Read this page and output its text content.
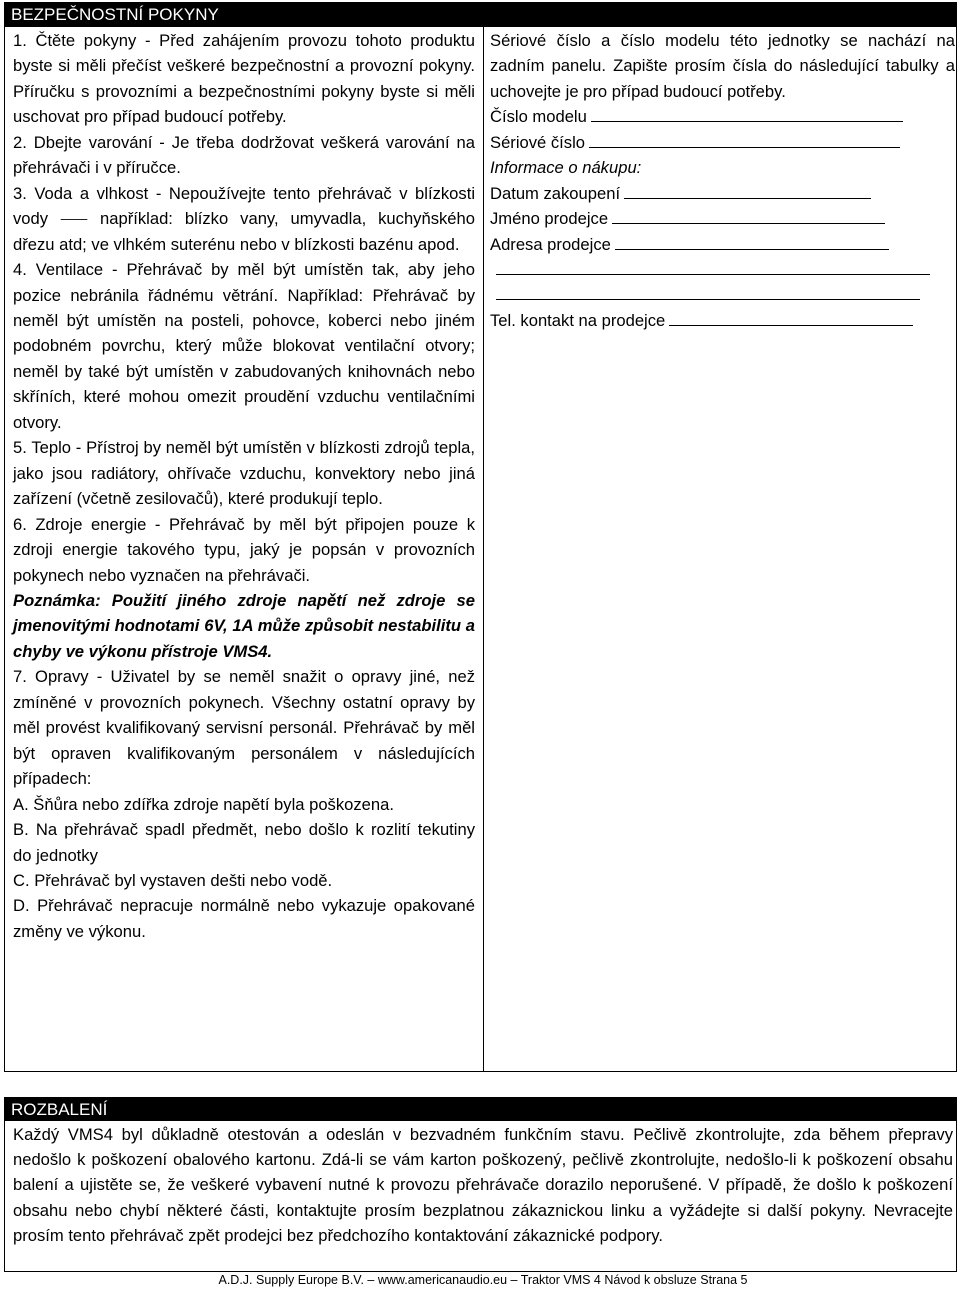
BEZPEČNOSTNÍ POKYNY

1. Čtěte pokyny - Před zahájením provozu tohoto produktu byste si měli přečíst veškeré bezpečnostní a provozní pokyny. Příručku s provozními a bezpečnostními pokyny byste si měli uschovat pro případ budoucí potřeby.

2. Dbejte varování - Je třeba dodržovat veškerá varování na přehrávači i v příručce.

3. Voda a vlhkost - Nepoužívejte tento přehrávač v blízkosti vody ⸺ například: blízko vany, umyvadla, kuchyňského dřezu atd; ve vlhkém suterénu nebo v blízkosti bazénu apod.

4. Ventilace - Přehrávač by měl být umístěn tak, aby jeho pozice nebránila řádnému větrání. Například: Přehrávač by neměl být umístěn na posteli, pohovce, koberci nebo jiném podobném povrchu, který může blokovat ventilační otvory; neměl by také být umístěn v zabudovaných knihovnách nebo skříních, které mohou omezit proudění vzduchu ventilačními otvory.

5. Teplo - Přístroj by neměl být umístěn v blízkosti zdrojů tepla, jako jsou radiátory, ohřívače vzduchu, konvektory nebo jiná zařízení (včetně zesilovačů), které produkují teplo.

6. Zdroje energie - Přehrávač by měl být připojen pouze k zdroji energie takového typu, jaký je popsán v provozních pokynech nebo vyznačen na přehrávači.

Poznámka: Použití jiného zdroje napětí než zdroje se jmenovitými hodnotami 6V, 1A může způsobit nestabilitu a chyby ve výkonu přístroje VMS4.

7. Opravy - Uživatel by se neměl snažit o opravy jiné, než zmíněné v provozních pokynech. Všechny ostatní opravy by měl provést kvalifikovaný servisní personál. Přehrávač by měl být opraven kvalifikovaným personálem v následujících případech:

A. Šňůra nebo zdířka zdroje napětí byla poškozena.

B. Na přehrávač spadl předmět, nebo došlo k rozlití tekutiny do jednotky

C. Přehrávač byl vystaven dešti nebo vodě.

D. Přehrávač nepracuje normálně nebo vykazuje opakované změny ve výkonu.

Sériové číslo a číslo modelu této jednotky se nachází na zadním panelu. Zapište prosím čísla do následující tabulky a uchovejte je pro případ budoucí potřeby.

Číslo modelu
Sériové číslo
Informace o nákupu:
Datum zakoupení
Jméno prodejce
Adresa prodejce
Tel. kontakt na prodejce
ROZBALENÍ

Každý VMS4 byl důkladně otestován a odeslán v bezvadném funkčním stavu. Pečlivě zkontrolujte, zda během přepravy nedošlo k poškození obalového kartonu. Zdá-li se vám karton poškozený, pečlivě zkontrolujte, nedošlo-li k poškození obsahu balení a ujistěte se, že veškeré vybavení nutné k provozu přehrávače dorazilo neporušené. V případě, že došlo k poškození obsahu nebo chybí některé části, kontaktujte prosím bezplatnou zákaznickou linku a vyžádejte si další pokyny. Nevracejte prosím tento přehrávač zpět prodejci bez předchozího kontaktování zákaznické podpory.

A.D.J. Supply Europe B.V. – www.americanaudio.eu – Traktor VMS 4 Návod k obsluze Strana 5
